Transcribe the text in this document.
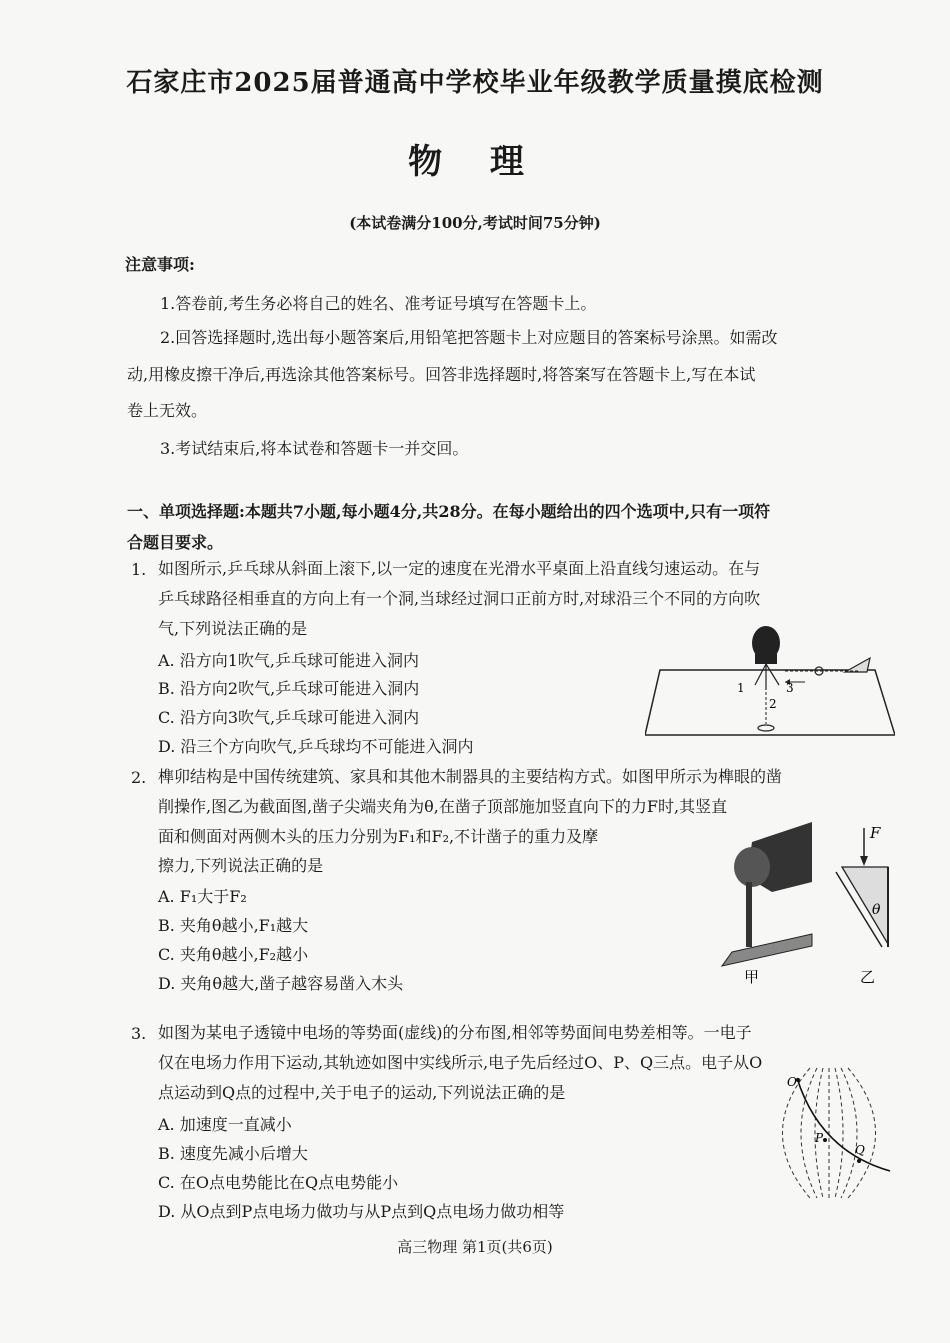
石家庄市2025届普通高中学校毕业年级教学质量摸底检测
物 理
(本试卷满分100分,考试时间75分钟)
注意事项:
1.答卷前,考生务必将自己的姓名、准考证号填写在答题卡上。
2.回答选择题时,选出每小题答案后,用铅笔把答题卡上对应题目的答案标号涂黑。如需改
动,用橡皮擦干净后,再选涂其他答案标号。回答非选择题时,将答案写在答题卡上,写在本试
卷上无效。
3.考试结束后,将本试卷和答题卡一并交回。
一、单项选择题:本题共7小题,每小题4分,共28分。在每小题给出的四个选项中,只有一项符
合题目要求。
1. 如图所示,乒乓球从斜面上滚下,以一定的速度在光滑水平桌面上沿直线匀速运动。在与
乒乓球路径相垂直的方向上有一个洞,当球经过洞口正前方时,对球沿三个不同的方向吹
气,下列说法正确的是
A. 沿方向1吹气,乒乓球可能进入洞内
B. 沿方向2吹气,乒乓球可能进入洞内
C. 沿方向3吹气,乒乓球可能进入洞内
D. 沿三个方向吹气,乒乓球均不可能进入洞内
1
2
3
2. 榫卯结构是中国传统建筑、家具和其他木制器具的主要结构方式。如图甲所示为榫眼的凿
削操作,图乙为截面图,凿子尖端夹角为θ,在凿子顶部施加竖直向下的力F时,其竖直
面和侧面对两侧木头的压力分别为F₁和F₂,不计凿子的重力及摩
擦力,下列说法正确的是
A. F₁大于F₂
B. 夹角θ越小,F₁越大
C. 夹角θ越小,F₂越小
D. 夹角θ越大,凿子越容易凿入木头	甲
F
θ
乙
3. 如图为某电子透镜中电场的等势面(虚线)的分布图,相邻等势面间电势差相等。一电子
仅在电场力作用下运动,其轨迹如图中实线所示,电子先后经过O、P、Q三点。电子从O
点运动到Q点的过程中,关于电子的运动,下列说法正确的是
A. 加速度一直减小
B. 速度先减小后增大
C. 在O点电势能比在Q点电势能小
D. 从O点到P点电场力做功与从P点到Q点电场力做功相等
O
P
Q
高三物理 第1页(共6页)
